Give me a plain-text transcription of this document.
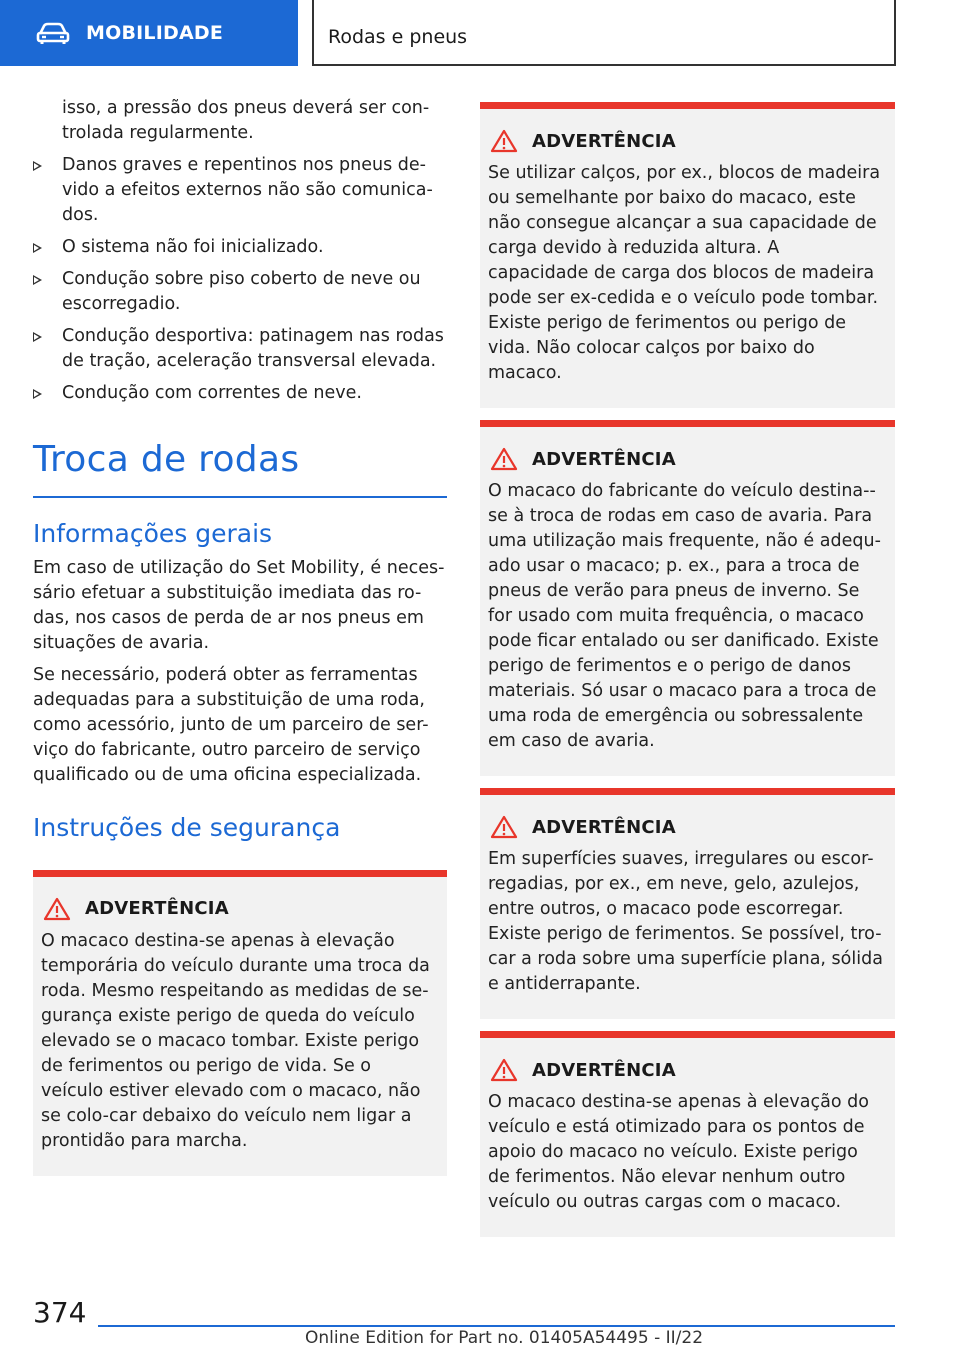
MOBILIDADE	Rodas e pneus

isso, a pressão dos pneus deverá ser con-trolada regularmente.

Danos graves e repentinos nos pneus de-vido a efeitos externos não são comunica-dos.
O sistema não foi inicializado.
Condução sobre piso coberto de neve ou escorregadio.
Condução desportiva: patinagem nas rodas de tração, aceleração transversal elevada.
Condução com correntes de neve.
Troca de rodas
Informações gerais

Em caso de utilização do Set Mobility, é neces-sário efetuar a substituição imediata das ro-das, nos casos de perda de ar nos pneus em situações de avaria.

Se necessário, poderá obter as ferramentas adequadas para a substituição de uma roda, como acessório, junto de um parceiro de ser-viço do fabricante, outro parceiro de serviço qualificado ou de uma oficina especializada.

Instruções de segurança
ADVERTÊNCIA

O macaco destina-se apenas à elevação temporária do veículo durante uma troca da roda. Mesmo respeitando as medidas de se-gurança existe perigo de queda do veículo elevado se o macaco tombar. Existe perigo de ferimentos ou perigo de vida. Se o veículo estiver elevado com o macaco, não se colo-car debaixo do veículo nem ligar a prontidão para marcha.

ADVERTÊNCIA

Se utilizar calços, por ex., blocos de madeira ou semelhante por baixo do macaco, este não consegue alcançar a sua capacidade de carga devido à reduzida altura. A capacidade de carga dos blocos de madeira pode ser ex-cedida e o veículo pode tombar. Existe perigo de ferimentos ou perigo de vida. Não colocar calços por baixo do macaco.

ADVERTÊNCIA

O macaco do fabricante do veículo destina--se à troca de rodas em caso de avaria. Para uma utilização mais frequente, não é adequ-ado usar o macaco; p. ex., para a troca de pneus de verão para pneus de inverno. Se for usado com muita frequência, o macaco pode ficar entalado ou ser danificado. Existe perigo de ferimentos e o perigo de danos materiais. Só usar o macaco para a troca de uma roda de emergência ou sobressalente em caso de avaria.

ADVERTÊNCIA

Em superfícies suaves, irregulares ou escor-regadias, por ex., em neve, gelo, azulejos, entre outros, o macaco pode escorregar. Existe perigo de ferimentos. Se possível, tro-car a roda sobre uma superfície plana, sólida e antiderrapante.

ADVERTÊNCIA

O macaco destina-se apenas à elevação do veículo e está otimizado para os pontos de apoio do macaco no veículo. Existe perigo de ferimentos. Não elevar nenhum outro veículo ou outras cargas com o macaco.

374
Online Edition for Part no. 01405A54495 - II/22
